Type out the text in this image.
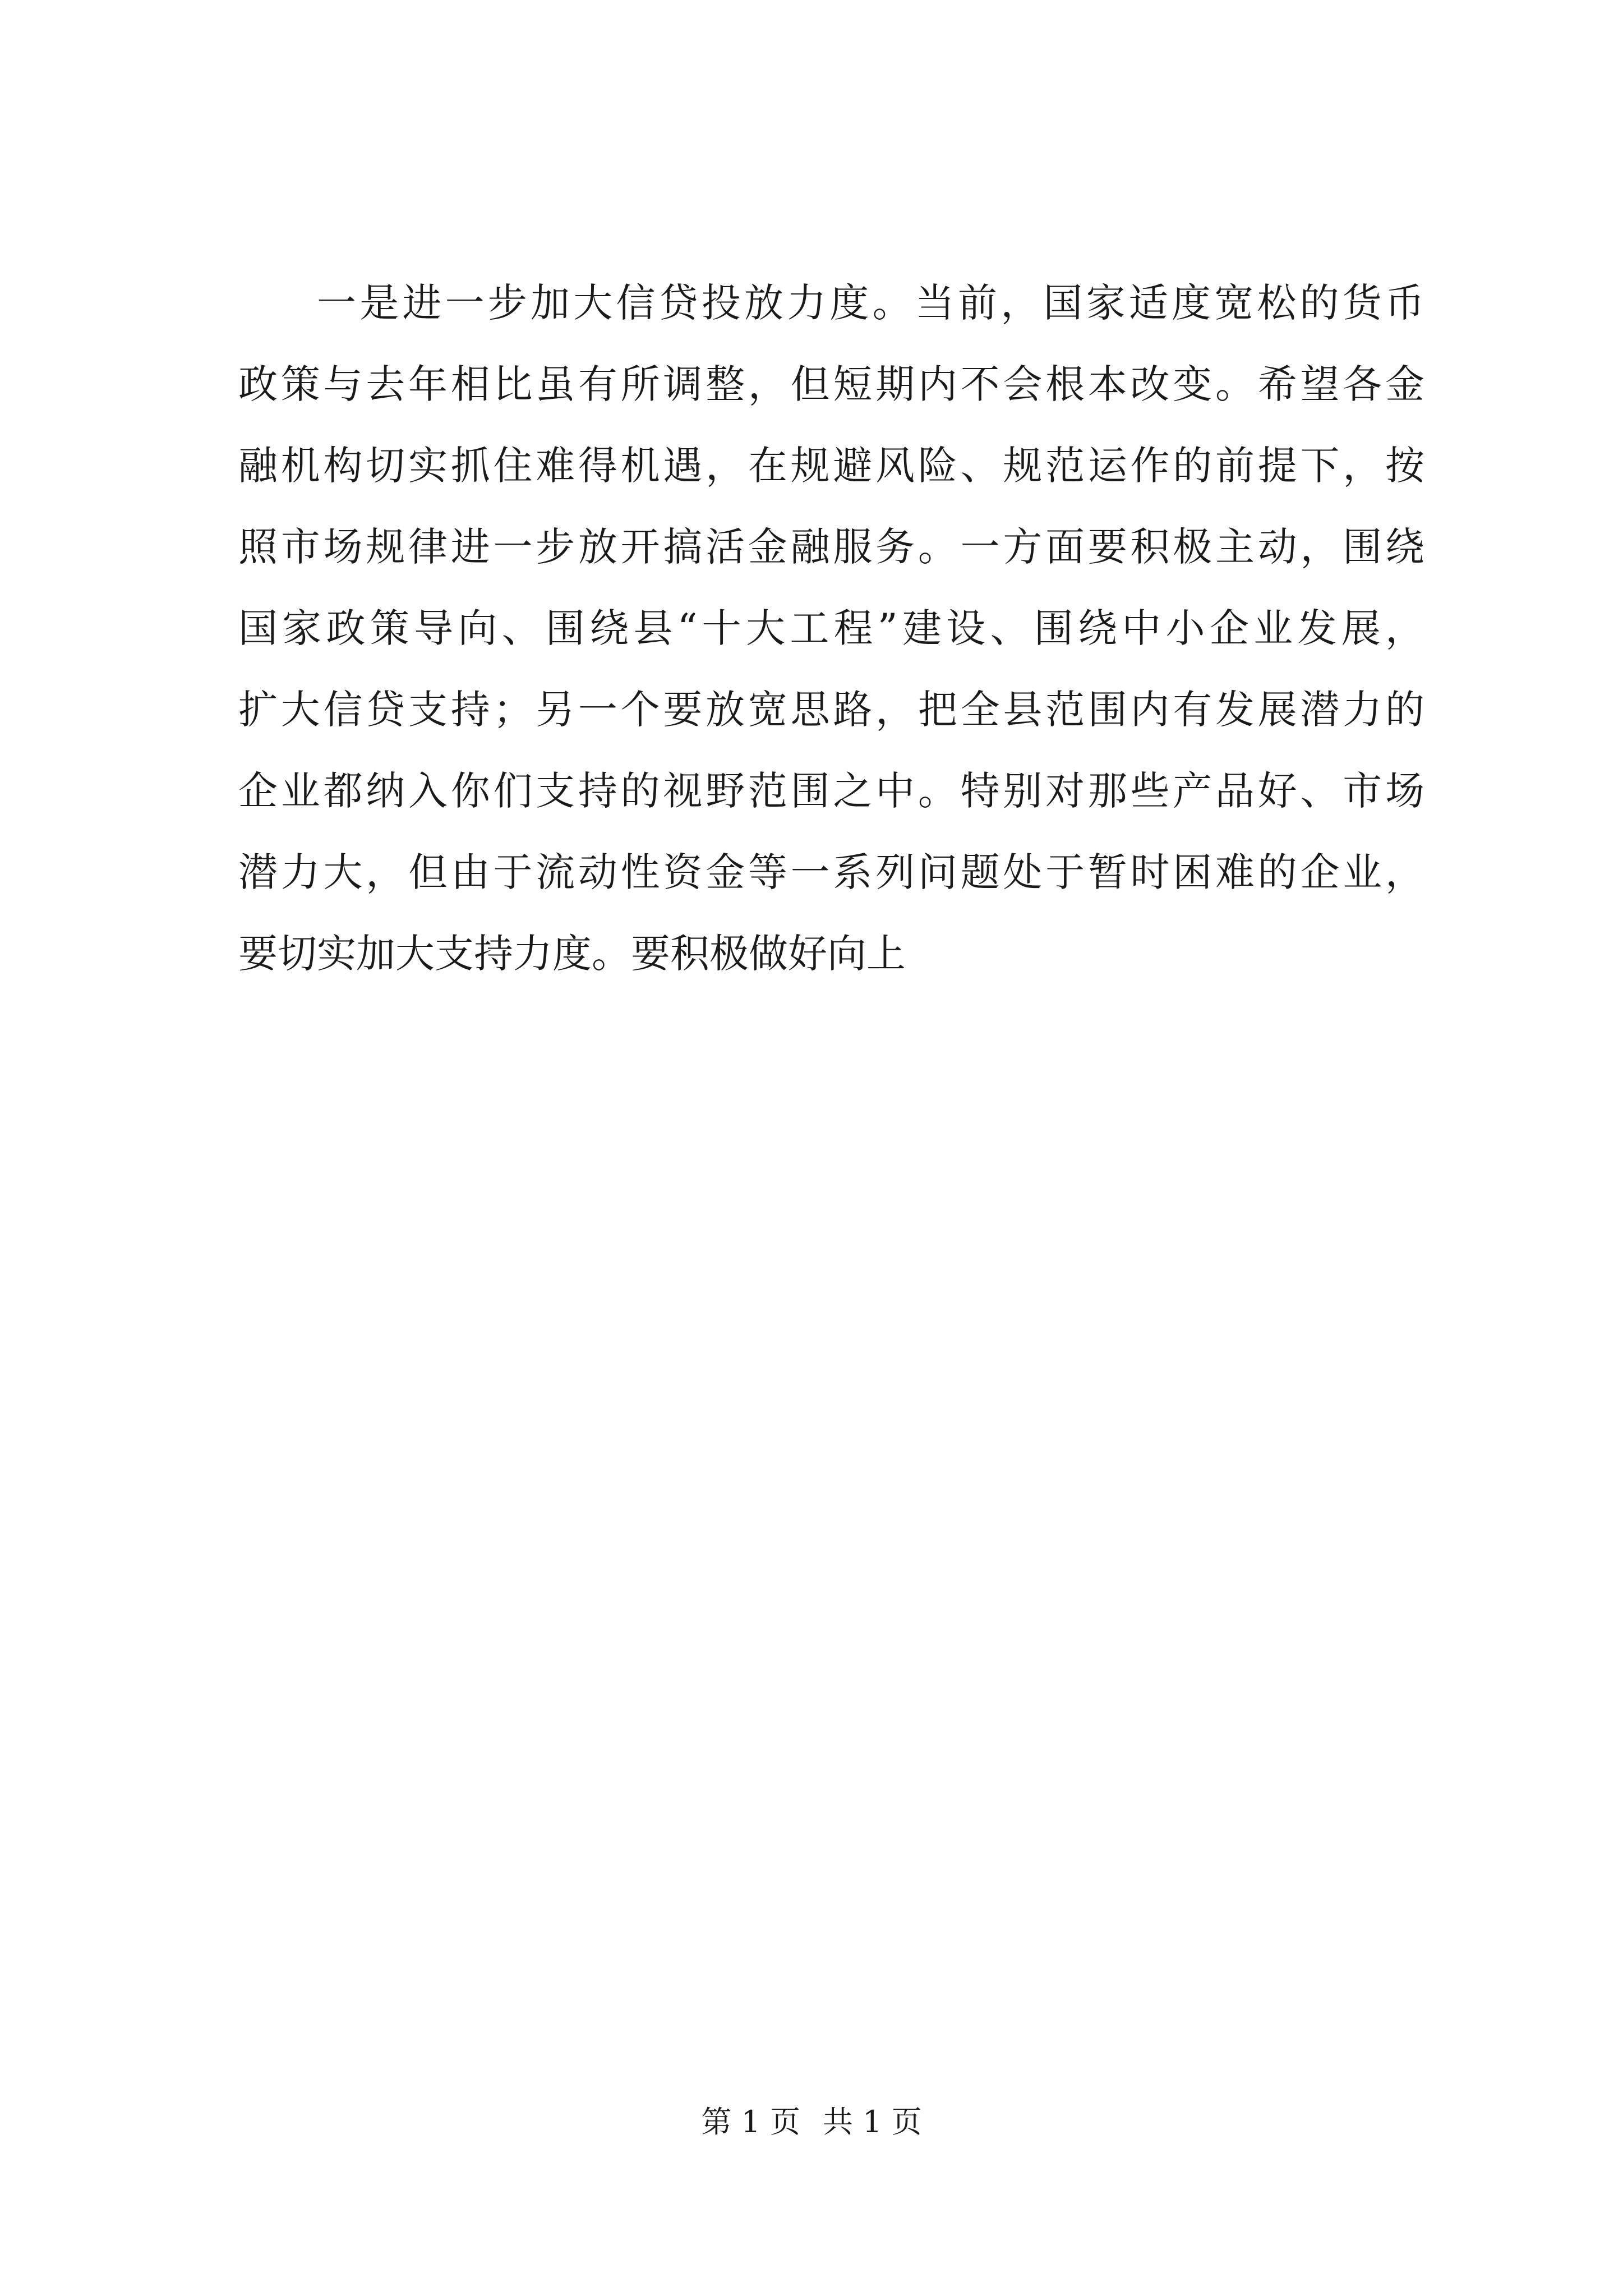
一是进一步加大信贷投放力度。当前，国家适度宽松的货币
政策与去年相比虽有所调整，但短期内不会根本改变。希望各金
融机构切实抓住难得机遇，在规避风险、规范运作的前提下，按
照市场规律进一步放开搞活金融服务。一方面要积极主动，围绕
国家政策导向、围绕县“十大工程”建设、围绕中小企业发展，
扩大信贷支持；另一个要放宽思路，把全县范围内有发展潜力的
企业都纳入你们支持的视野范围之中。特别对那些产品好、市场
潜力大，但由于流动性资金等一系列问题处于暂时困难的企业，
要切实加大支持力度。要积极做好向上
第 1 页 共 1 页
